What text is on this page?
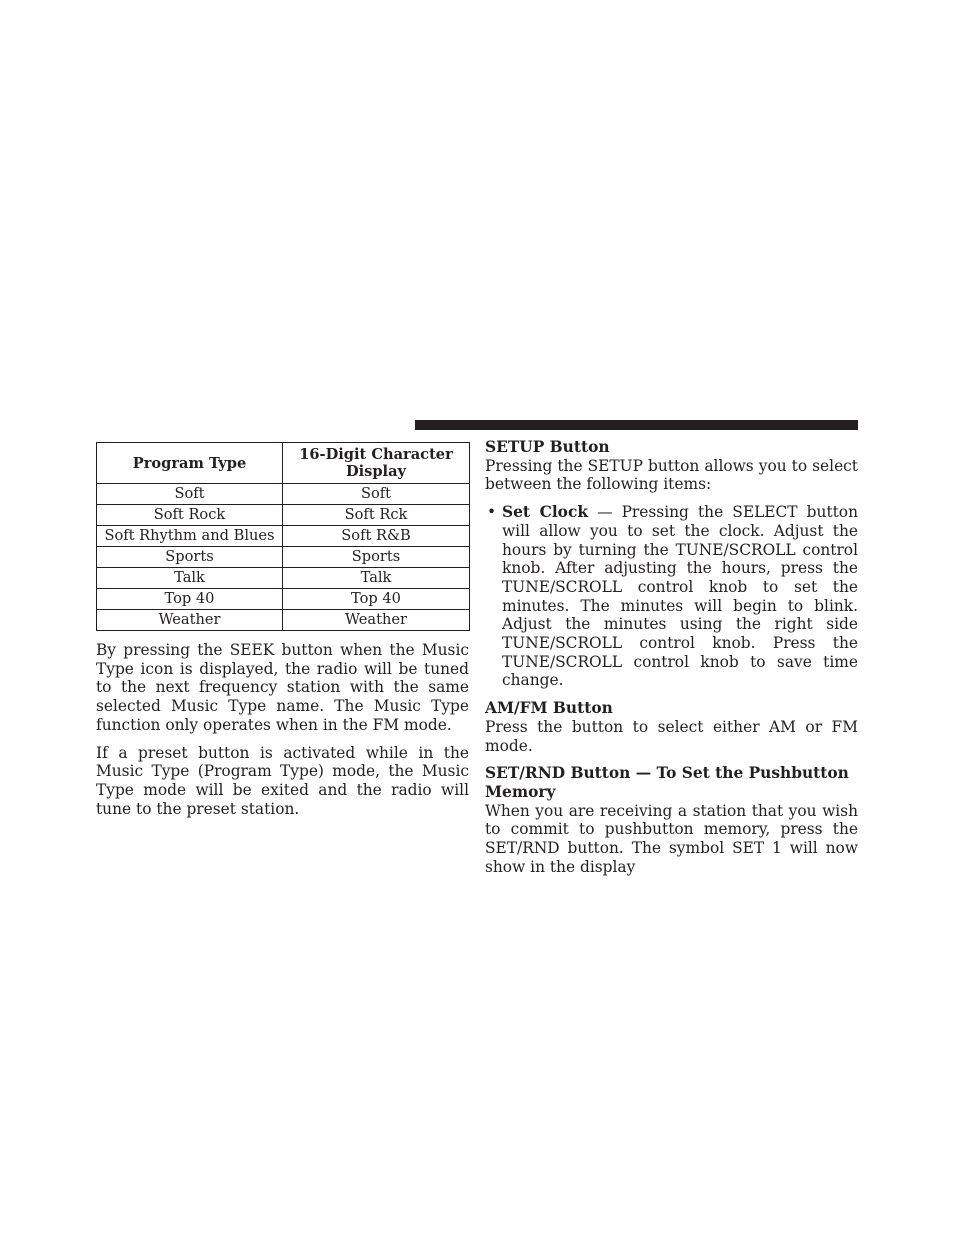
Program Type	16-Digit Character Display
Soft	Soft
Soft Rock	Soft Rck
Soft Rhythm and Blues	Soft R&B
Sports	Sports
Talk	Talk
Top 40	Top 40
Weather	Weather

By pressing the SEEK button when the Music Type icon is displayed, the radio will be tuned to the next frequency station with the same selected Music Type name. The Music Type function only operates when in the FM mode.

If a preset button is activated while in the Music Type (Program Type) mode, the Music Type mode will be exited and the radio will tune to the preset station.

SETUP Button

Pressing the SETUP button allows you to select between the following items:

• Set Clock — Pressing the SELECT button will allow you to set the clock. Adjust the hours by turning the TUNE/SCROLL control knob. After adjusting the hours, press the TUNE/SCROLL control knob to set the minutes. The minutes will begin to blink. Adjust the minutes using the right side TUNE/SCROLL control knob. Press the TUNE/SCROLL control knob to save time change.
AM/FM Button

Press the button to select either AM or FM mode.

SET/RND Button — To Set the Pushbutton
Memory

When you are receiving a station that you wish to commit to pushbutton memory, press the SET/RND button. The symbol SET 1 will now show in the display
